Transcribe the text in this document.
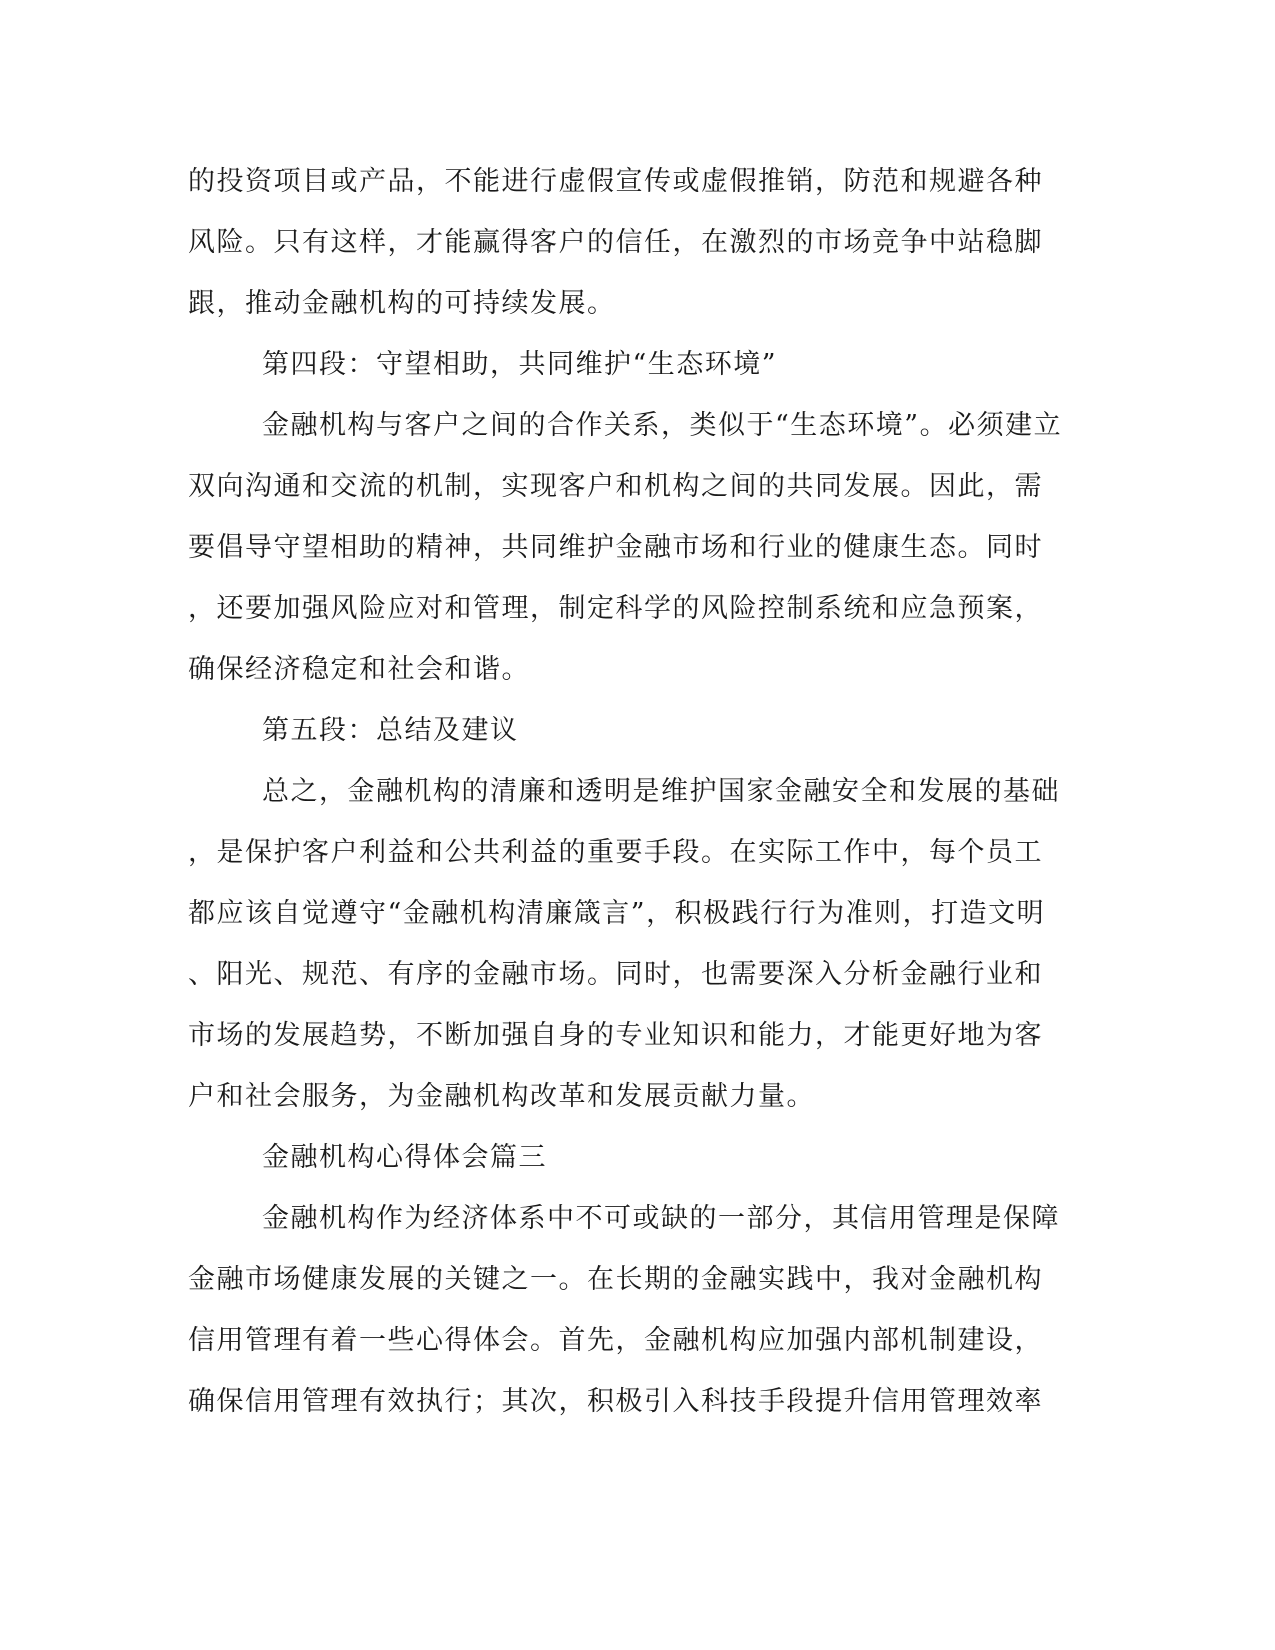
的投资项目或产品，不能进行虚假宣传或虚假推销，防范和规避各种

风险。只有这样，才能赢得客户的信任，在激烈的市场竞争中站稳脚

跟，推动金融机构的可持续发展。

第四段：守望相助，共同维护“生态环境”

金融机构与客户之间的合作关系，类似于“生态环境”。必须建立

双向沟通和交流的机制，实现客户和机构之间的共同发展。因此，需

要倡导守望相助的精神，共同维护金融市场和行业的健康生态。同时

，还要加强风险应对和管理，制定科学的风险控制系统和应急预案，

确保经济稳定和社会和谐。

第五段：总结及建议

总之，金融机构的清廉和透明是维护国家金融安全和发展的基础

，是保护客户利益和公共利益的重要手段。在实际工作中，每个员工

都应该自觉遵守“金融机构清廉箴言”，积极践行行为准则，打造文明

、阳光、规范、有序的金融市场。同时，也需要深入分析金融行业和

市场的发展趋势，不断加强自身的专业知识和能力，才能更好地为客

户和社会服务，为金融机构改革和发展贡献力量。

金融机构心得体会篇三

金融机构作为经济体系中不可或缺的一部分，其信用管理是保障

金融市场健康发展的关键之一。在长期的金融实践中，我对金融机构

信用管理有着一些心得体会。首先，金融机构应加强内部机制建设，

确保信用管理有效执行；其次，积极引入科技手段提升信用管理效率
